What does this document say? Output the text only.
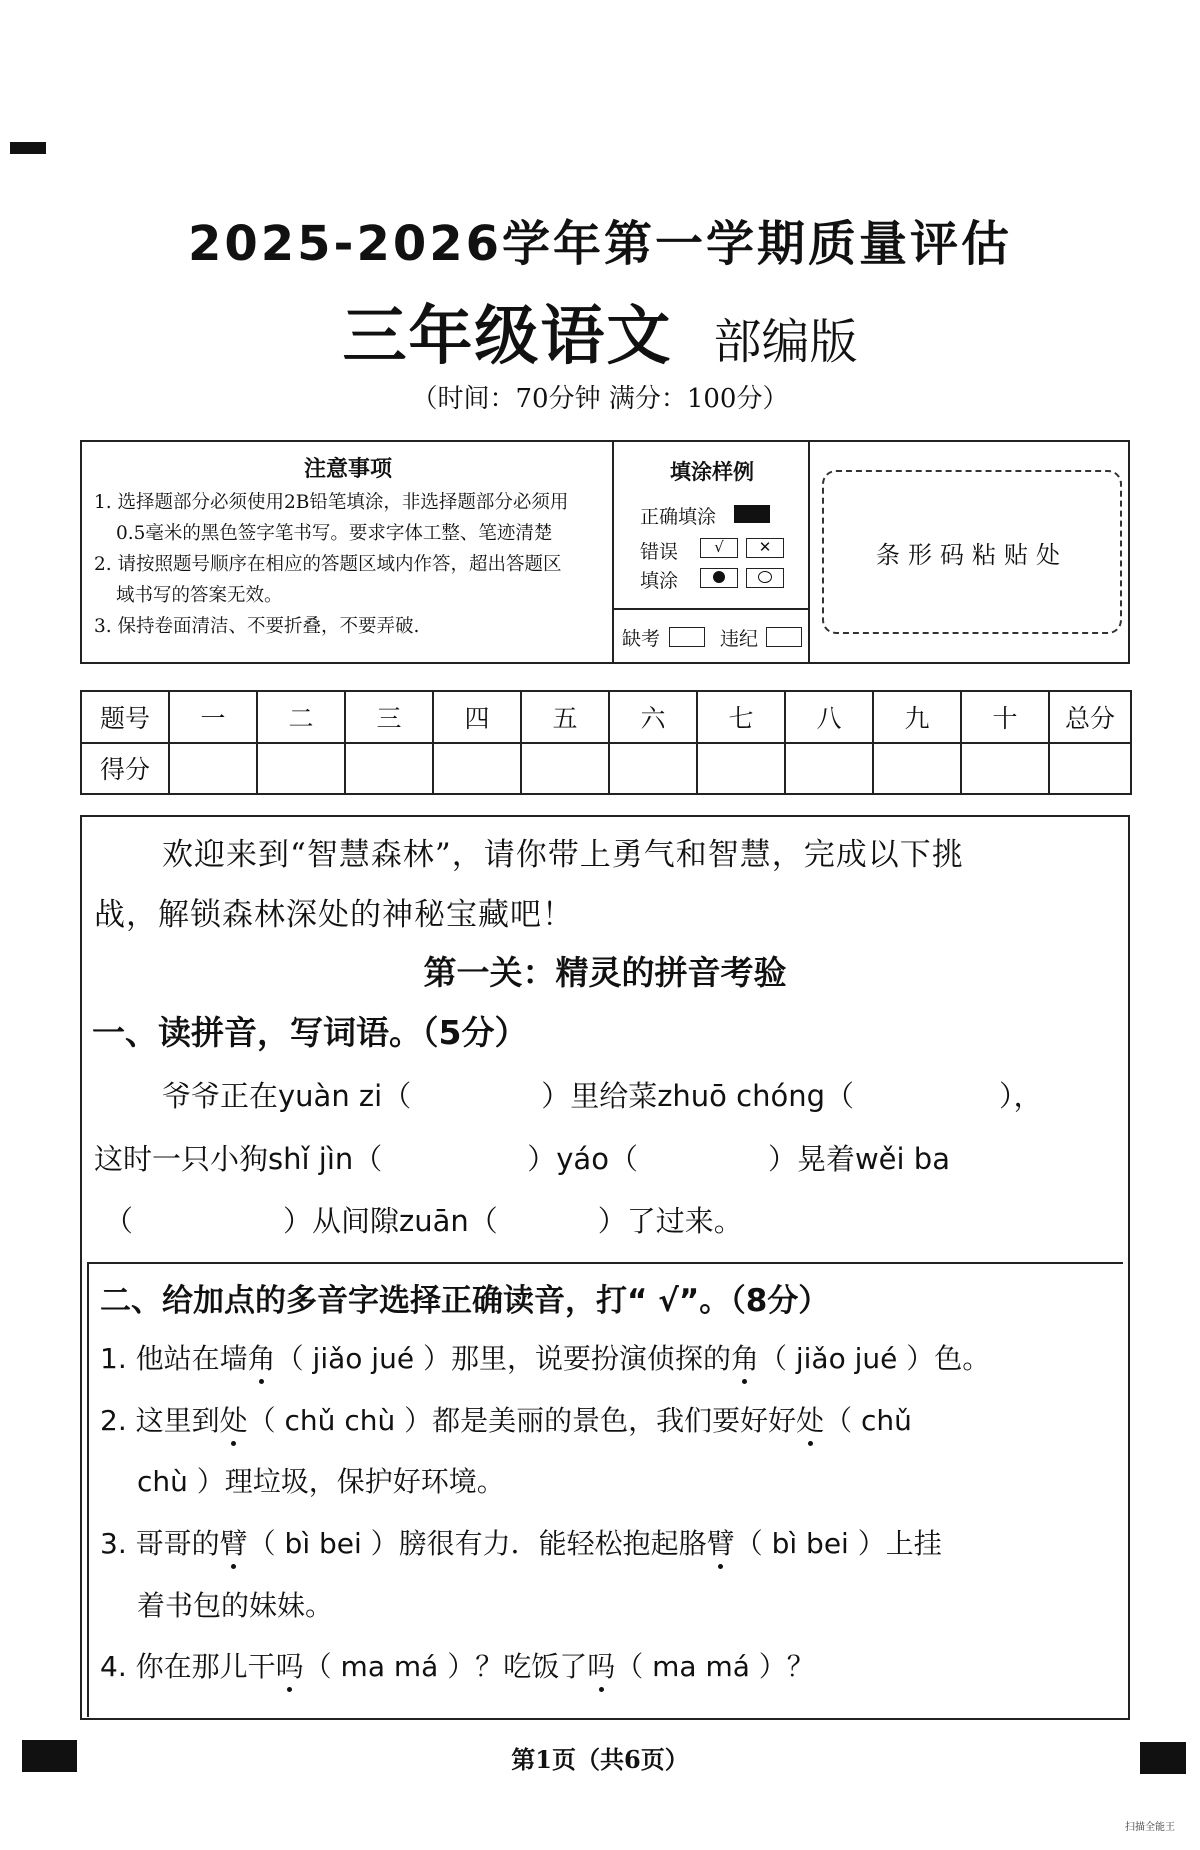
2025-2026学年第一学期质量评估
三年级语文 部编版
（时间：70分钟 满分：100分）
注意事项
1. 选择题部分必须使用2B铅笔填涂，非选择题部分必须用
0.5毫米的黑色签字笔书写。要求字体工整、笔迹清楚
2. 请按照题号顺序在相应的答题区域内作答，超出答题区
域书写的答案无效。
3. 保持卷面清洁、不要折叠，不要弄破.
填涂样例
正确填涂
错误
填涂
√	✕
缺考	违纪
条形码粘贴处
题号	一	二	三	四	五	六	七	八	九	十	总分
得分											
欢迎来到“智慧森林”，请你带上勇气和智慧，完成以下挑
战，解锁森林深处的神秘宝藏吧！
第一关：精灵的拼音考验
一、读拼音，写词语。（5分）
爷爷正在yuàn zi（	）里给菜zhuō chóng（	），
这时一只小狗shǐ jìn（	）yáo（	）晃着wěi ba
（	）从间隙zuān（	）了过来。
二、给加点的多音字选择正确读音，打“ √”。（8分）
1. 他站在墙角（ jiǎo jué ）那里，说要扮演侦探的角（ jiǎo jué ）色。
2. 这里到处（ chǔ chù ）都是美丽的景色，我们要好好处（ chǔ
chù ）理垃圾，保护好环境。
3. 哥哥的臂（ bì bei ）膀很有力．能轻松抱起胳臂（ bì bei ）上挂
着书包的妹妹。
4. 你在那儿干吗（ ma má ）？吃饭了吗（ ma má ）？
第1页（共6页）
扫描全能王
